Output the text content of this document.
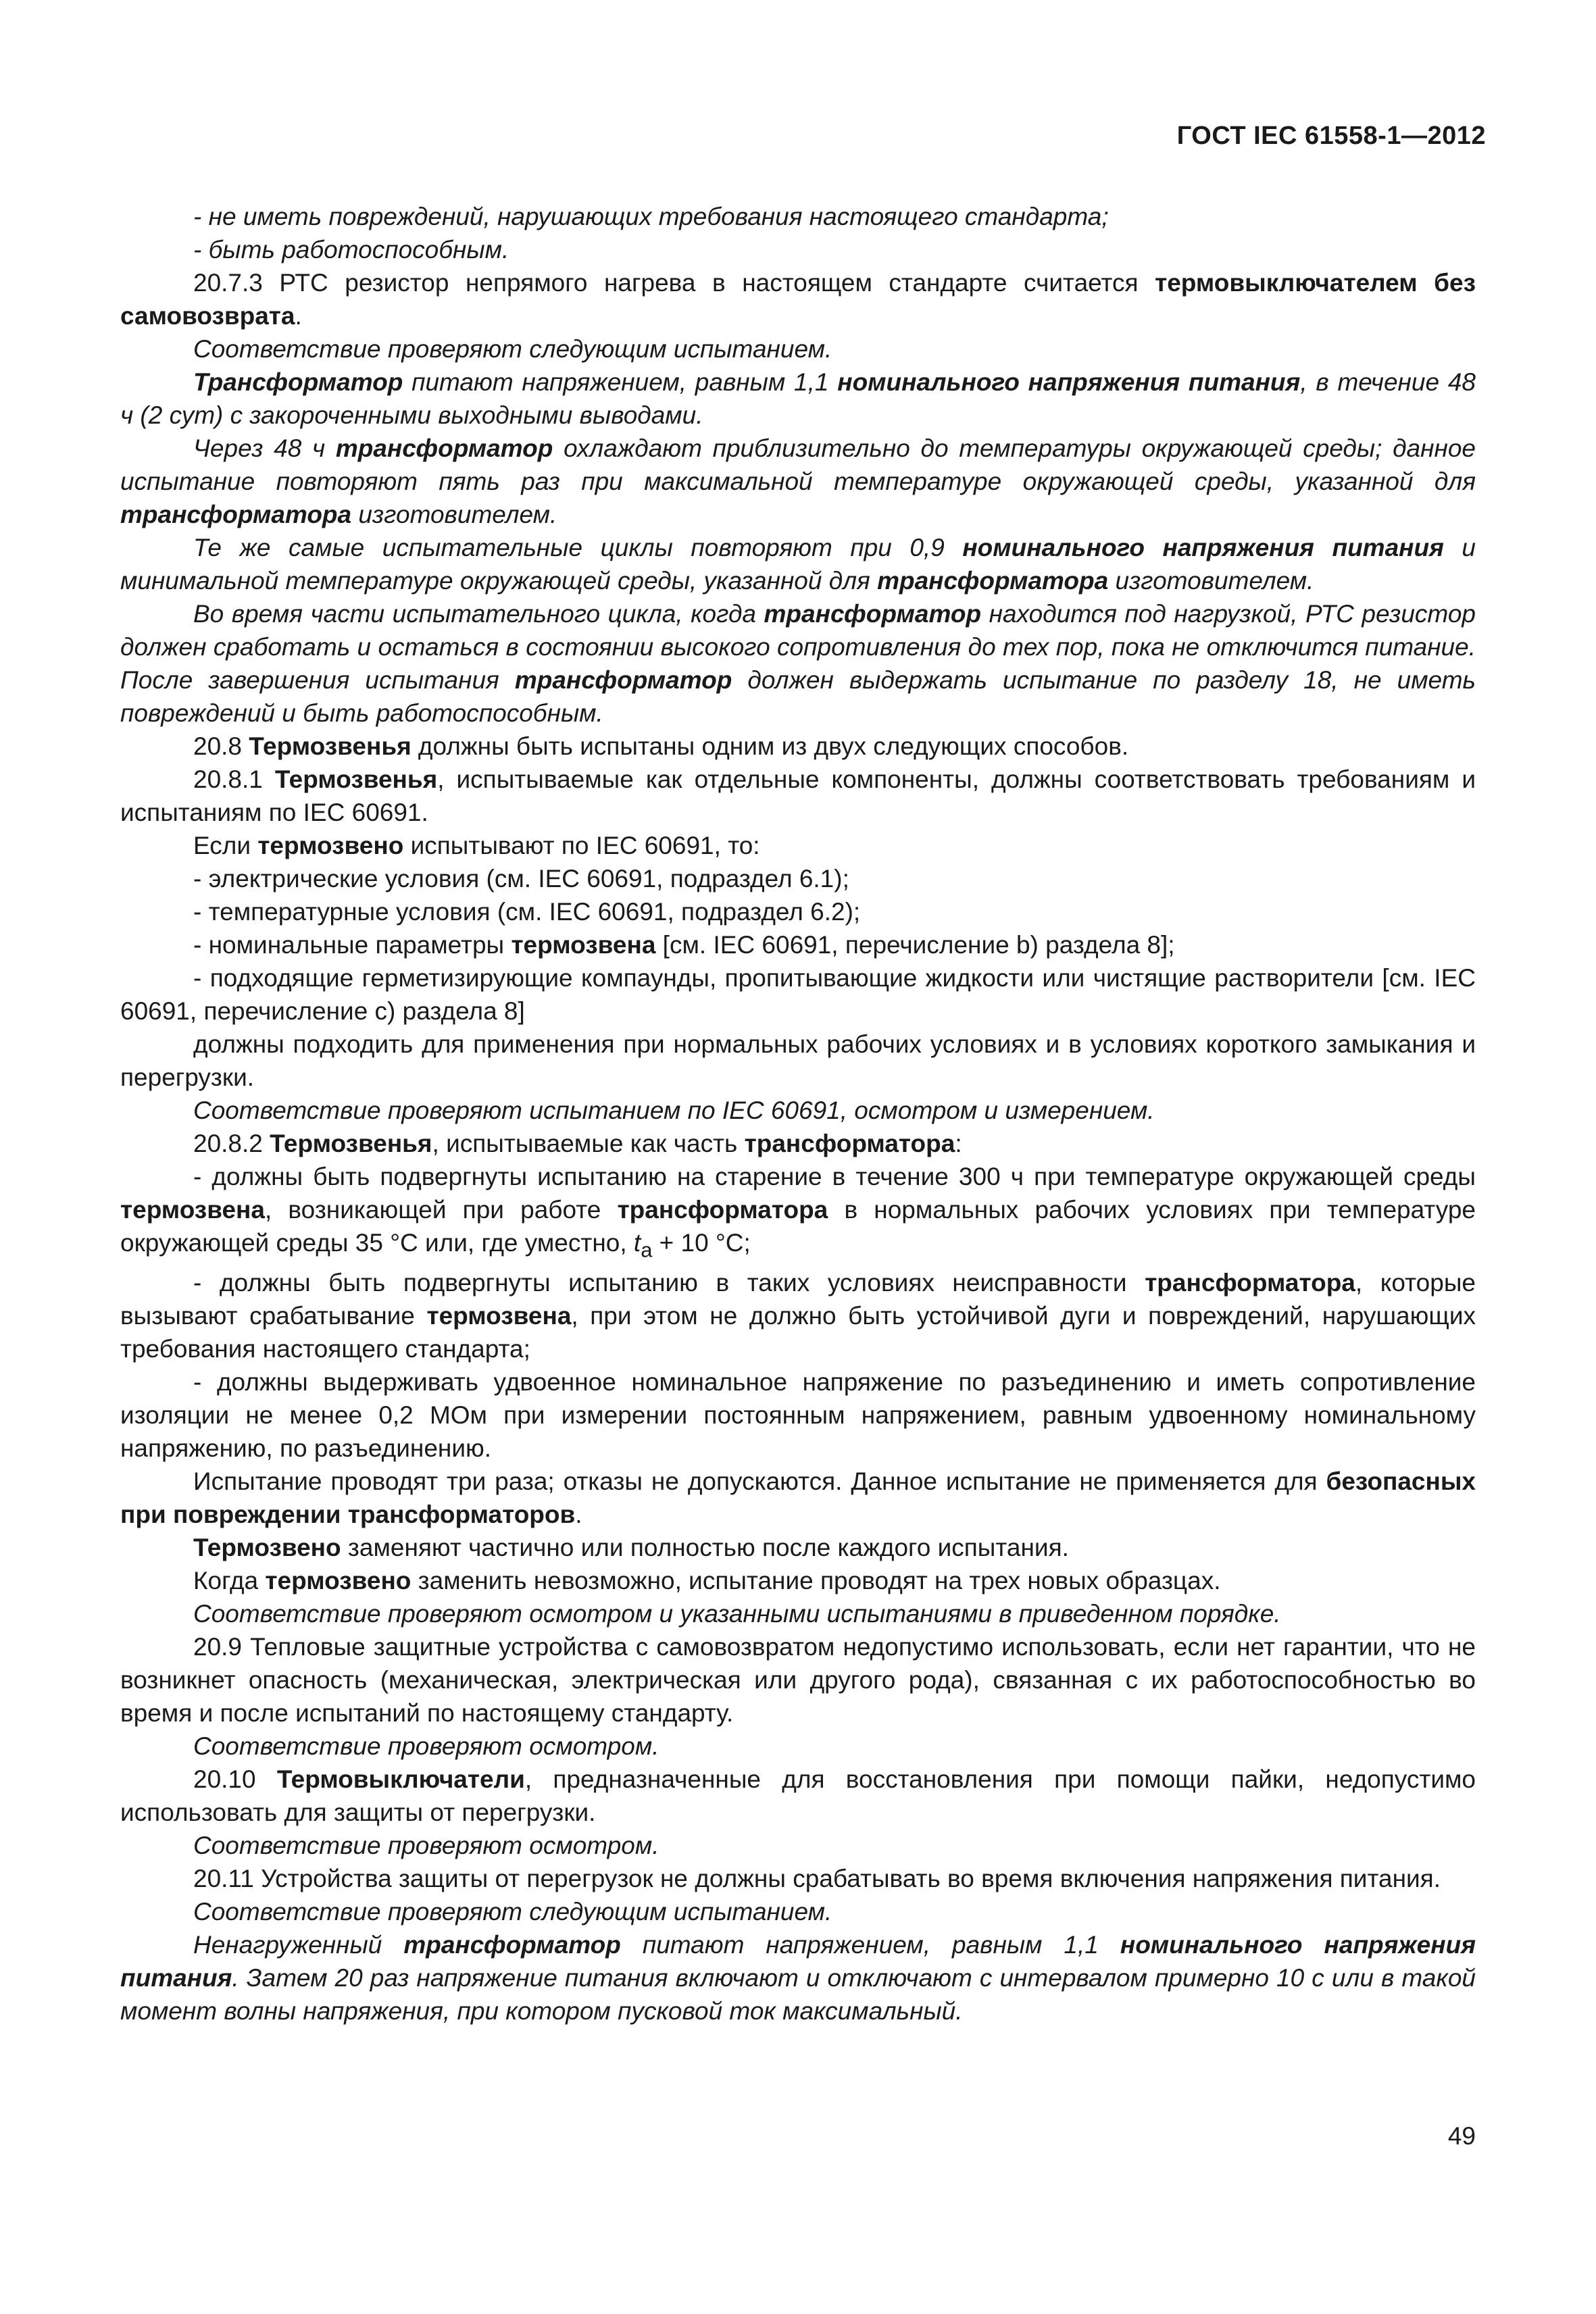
ГОСТ IEC 61558-1—2012

- не иметь повреждений, нарушающих требования настоящего стандарта;

- быть работоспособным.

20.7.3 РТС резистор непрямого нагрева в настоящем стандарте считается термовыключателем без самовозврата.

Соответствие проверяют следующим испытанием.

Трансформатор питают напряжением, равным 1,1 номинального напряжения питания, в течение 48 ч (2 сут) с закороченными выходными выводами.

Через 48 ч трансформатор охлаждают приблизительно до температуры окружающей среды; данное испытание повторяют пять раз при максимальной температуре окружающей среды, указанной для трансформатора изготовителем.

Те же самые испытательные циклы повторяют при 0,9 номинального напряжения питания и минимальной температуре окружающей среды, указанной для трансформатора изготовителем.

Во время части испытательного цикла, когда трансформатор находится под нагрузкой, РТС резистор должен сработать и остаться в состоянии высокого сопротивления до тех пор, пока не отключится питание. После завершения испытания трансформатор должен выдержать испытание по разделу 18, не иметь повреждений и быть работоспособным.

20.8 Термозвенья должны быть испытаны одним из двух следующих способов.

20.8.1 Термозвенья, испытываемые как отдельные компоненты, должны соответствовать требованиям и испытаниям по IEC 60691.

Если термозвено испытывают по IEC 60691, то:

- электрические условия (см. IEC 60691, подраздел 6.1);

- температурные условия (см. IEC 60691, подраздел 6.2);

- номинальные параметры термозвена [см. IEC 60691, перечисление b) раздела 8];

- подходящие герметизирующие компаунды, пропитывающие жидкости или чистящие растворители [см. IEC 60691, перечисление с) раздела 8]

должны подходить для применения при нормальных рабочих условиях и в условиях короткого замыкания и перегрузки.

Соответствие проверяют испытанием по IEC 60691, осмотром и измерением.

20.8.2 Термозвенья, испытываемые как часть трансформатора:

- должны быть подвергнуты испытанию на старение в течение 300 ч при температуре окружающей среды термозвена, возникающей при работе трансформатора в нормальных рабочих условиях при температуре окружающей среды 35 °С или, где уместно, $t_a + 10$ °С;

- должны быть подвергнуты испытанию в таких условиях неисправности трансформатора, которые вызывают срабатывание термозвена, при этом не должно быть устойчивой дуги и повреждений, нарушающих требования настоящего стандарта;

- должны выдерживать удвоенное номинальное напряжение по разъединению и иметь сопротивление изоляции не менее 0,2 МОм при измерении постоянным напряжением, равным удвоенному номинальному напряжению, по разъединению.

Испытание проводят три раза; отказы не допускаются. Данное испытание не применяется для безопасных при повреждении трансформаторов.

Термозвено заменяют частично или полностью после каждого испытания.

Когда термозвено заменить невозможно, испытание проводят на трех новых образцах.

Соответствие проверяют осмотром и указанными испытаниями в приведенном порядке.

20.9 Тепловые защитные устройства с самовозвратом недопустимо использовать, если нет гарантии, что не возникнет опасность (механическая, электрическая или другого рода), связанная с их работоспособностью во время и после испытаний по настоящему стандарту.

Соответствие проверяют осмотром.

20.10 Термовыключатели, предназначенные для восстановления при помощи пайки, недопустимо использовать для защиты от перегрузки.

Соответствие проверяют осмотром.

20.11 Устройства защиты от перегрузок не должны срабатывать во время включения напряжения питания.

Соответствие проверяют следующим испытанием.

Ненагруженный трансформатор питают напряжением, равным 1,1 номинального напряжения питания. Затем 20 раз напряжение питания включают и отключают с интервалом примерно 10 с или в такой момент волны напряжения, при котором пусковой ток максимальный.

49
